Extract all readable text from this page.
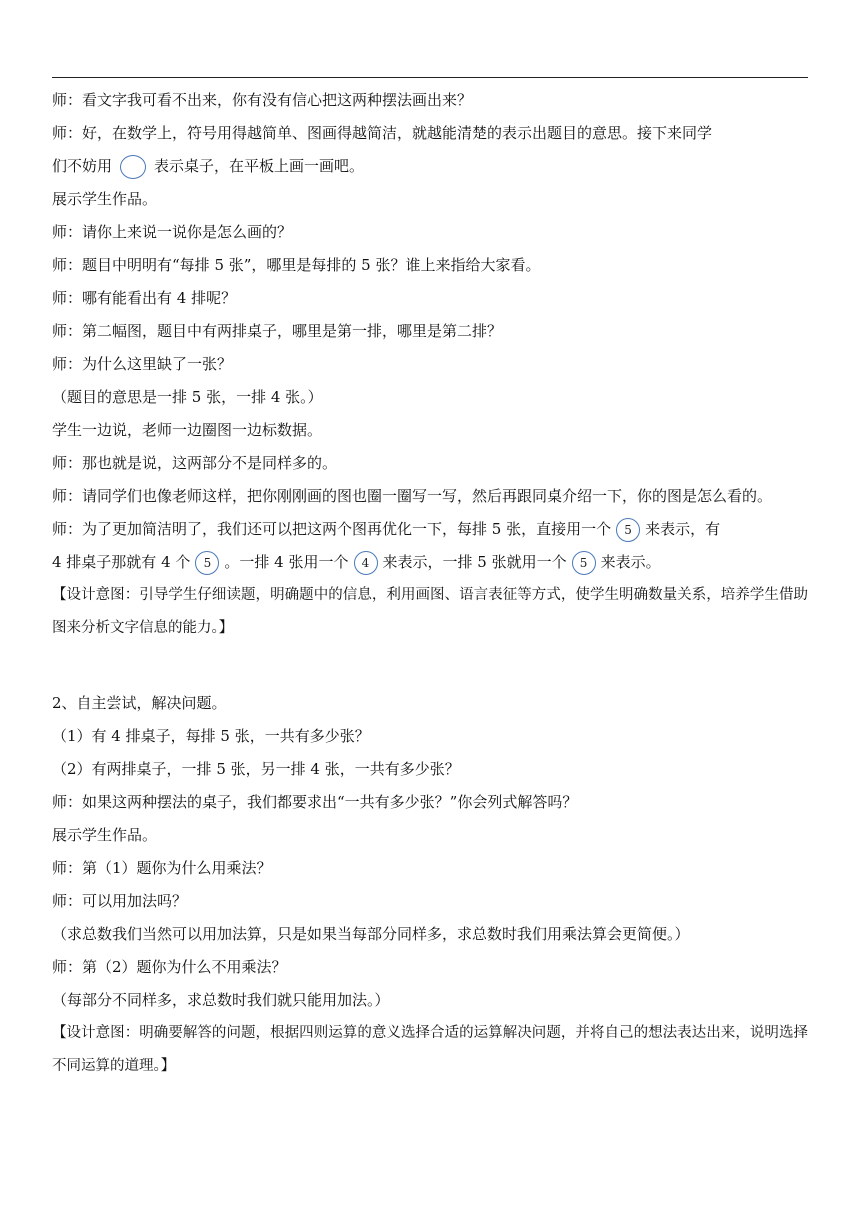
师：看文字我可看不出来，你有没有信心把这两种摆法画出来？
师：好，在数学上，符号用得越简单、图画得越简洁，就越能清楚的表示出题目的意思。接下来同学
们不妨用	表示桌子，在平板上画一画吧。
展示学生作品。
师：请你上来说一说你是怎么画的？
师：题目中明明有“每排 5 张”，哪里是每排的 5 张？谁上来指给大家看。
师：哪有能看出有 4 排呢？
师：第二幅图，题目中有两排桌子，哪里是第一排，哪里是第二排？
师：为什么这里缺了一张？
（题目的意思是一排 5 张，一排 4 张。）
学生一边说，老师一边圈图一边标数据。
师：那也就是说，这两部分不是同样多的。
师：请同学们也像老师这样，把你刚刚画的图也圈一圈写一写，然后再跟同桌介绍一下，你的图是怎么看的。
师：为了更加简洁明了，我们还可以把这两个图再优化一下，每排 5 张，直接用一个 5 来表示，有
4 排桌子那就有 4 个 5 。一排 4 张用一个 4 来表示，一排 5 张就用一个 5 来表示。
【设计意图：引导学生仔细读题，明确题中的信息，利用画图、语言表征等方式，使学生明确数量关系，培养学生借助图来分析文字信息的能力。】
2、自主尝试，解决问题。
（1）有 4 排桌子，每排 5 张，一共有多少张？
（2）有两排桌子，一排 5 张，另一排 4 张，一共有多少张？
师：如果这两种摆法的桌子，我们都要求出“一共有多少张？”你会列式解答吗？
展示学生作品。
师：第（1）题你为什么用乘法？
师：可以用加法吗？
（求总数我们当然可以用加法算，只是如果当每部分同样多，求总数时我们用乘法算会更简便。）
师：第（2）题你为什么不用乘法？
（每部分不同样多，求总数时我们就只能用加法。）
【设计意图：明确要解答的问题，根据四则运算的意义选择合适的运算解决问题，并将自己的想法表达出来，说明选择不同运算的道理。】
